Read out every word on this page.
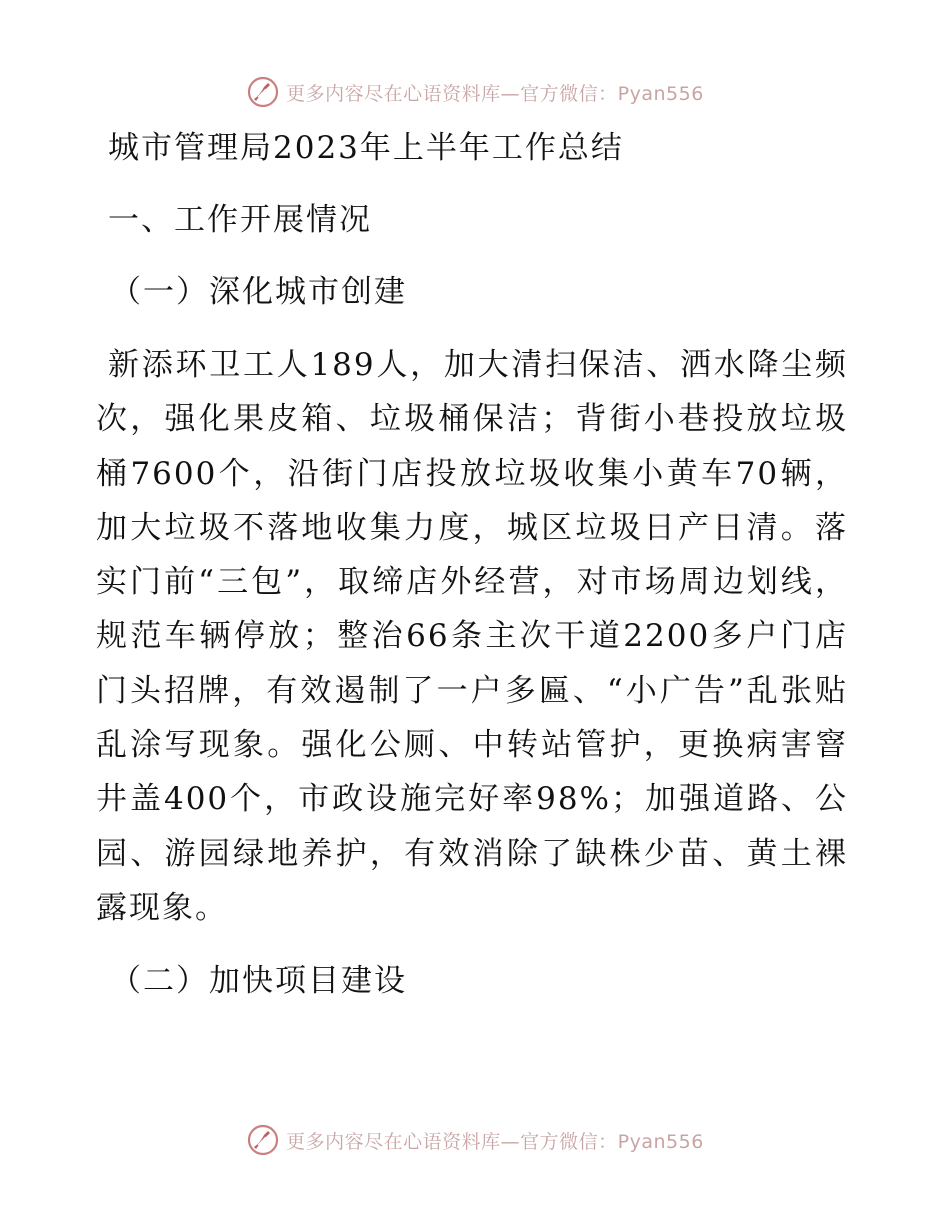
更多内容尽在心语资料库—官方微信：Pyan556
城市管理局2023年上半年工作总结
一、工作开展情况
（一）深化城市创建

新添环卫工人189人，加大清扫保洁、洒水降尘频次，强化果皮箱、垃圾桶保洁；背街小巷投放垃圾桶7600个，沿街门店投放垃圾收集小黄车70辆，加大垃圾不落地收集力度，城区垃圾日产日清。落实门前“三包”，取缔店外经营，对市场周边划线，规范车辆停放；整治66条主次干道2200多户门店门头招牌，有效遏制了一户多匾、“小广告”乱张贴乱涂写现象。强化公厕、中转站管护，更换病害窨井盖400个，市政设施完好率98%；加强道路、公园、游园绿地养护，有效消除了缺株少苗、黄土裸露现象。

（二）加快项目建设
更多内容尽在心语资料库—官方微信：Pyan556
